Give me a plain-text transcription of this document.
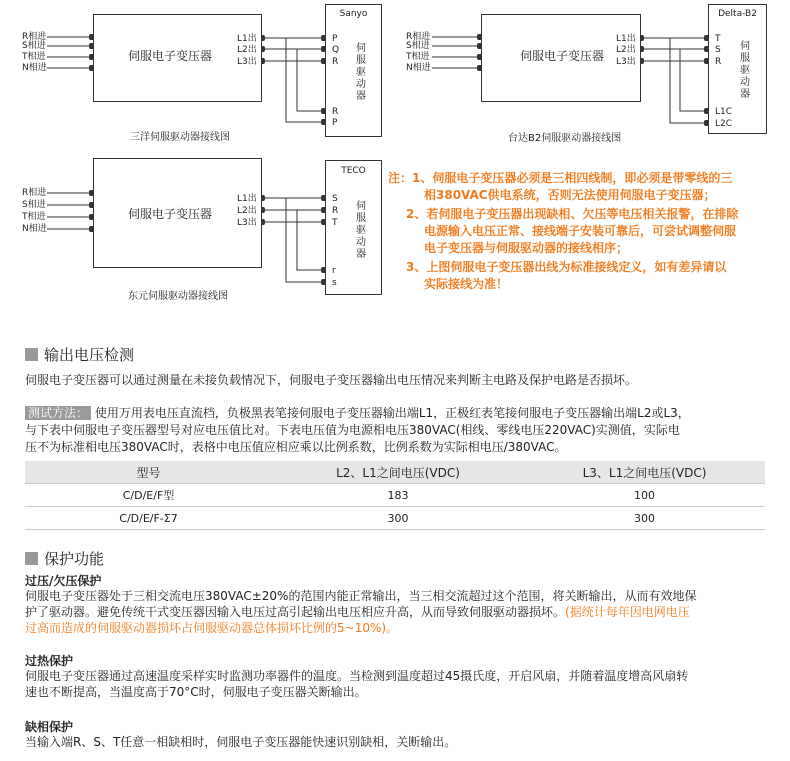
R相进
S相进
T相进
N相进
伺服电子变压器
L1出
L2出
L3出
Sanyo
P
Q
R
R
P
伺
服
驱
动
器
三洋伺服驱动器接线图
R相进
S相进
T相进
N相进
伺服电子变压器
L1出
L2出
L3出
Delta-B2
T
S
R
L1C
L2C
伺
服
驱
动
器
台达B2伺服驱动器接线图
R相进
S相进
T相进
N相进
伺服电子变压器
L1出
L2出
L3出
TECO
S
R
T
r
s
伺
服
驱
动
器
东元伺服驱动器接线图
注：1、伺服电子变压器必须是三相四线制，即必须是带零线的三
相380VAC供电系统，否则无法使用伺服电子变压器；
2、若伺服电子变压器出现缺相、欠压等电压相关报警，在排除
电源输入电压正常、接线端子安装可靠后，可尝试调整伺服
电子变压器与伺服驱动器的接线相序；
3、上图伺服电子变压器出线为标准接线定义，如有差异请以
实际接线为准！
输出电压检测
伺服电子变压器可以通过测量在未接负载情况下，伺服电子变压器输出电压情况来判断主电路及保护电路是否损坏。
测试方法： 使用万用表电压直流档，负极黑表笔接伺服电子变压器输出端L1，正极红表笔接伺服电子变压器输出端L2或L3，
与下表中伺服电子变压器型号对应电压值比对。下表电压值为电源相电压380VAC(相线、零线电压220VAC)实测值，实际电
压不为标准相电压380VAC时，表格中电压值应相应乘以比例系数，比例系数为实际相电压/380VAC。
型号	L2、L1之间电压(VDC)	L3、L1之间电压(VDC)
C/D/E/F型	183	100
C/D/E/F-Σ7	300	300
保护功能
过压/欠压保护
伺服电子变压器处于三相交流电压380VAC±20%的范围内能正常输出，当三相交流超过这个范围，将关断输出，从而有效地保
护了驱动器。避免传统干式变压器因输入电压过高引起输出电压相应升高，从而导致伺服驱动器损坏。(据统计每年因电网电压
过高而造成的伺服驱动器损坏占伺服驱动器总体损坏比例的5~10%)。
过热保护
伺服电子变压器通过高速温度采样实时监测功率器件的温度。当检测到温度超过45摄氏度，开启风扇，并随着温度增高风扇转
速也不断提高，当温度高于70°C时，伺服电子变压器关断输出。
缺相保护
当输入端R、S、T任意一相缺相时，伺服电子变压器能快速识别缺相，关断输出。
